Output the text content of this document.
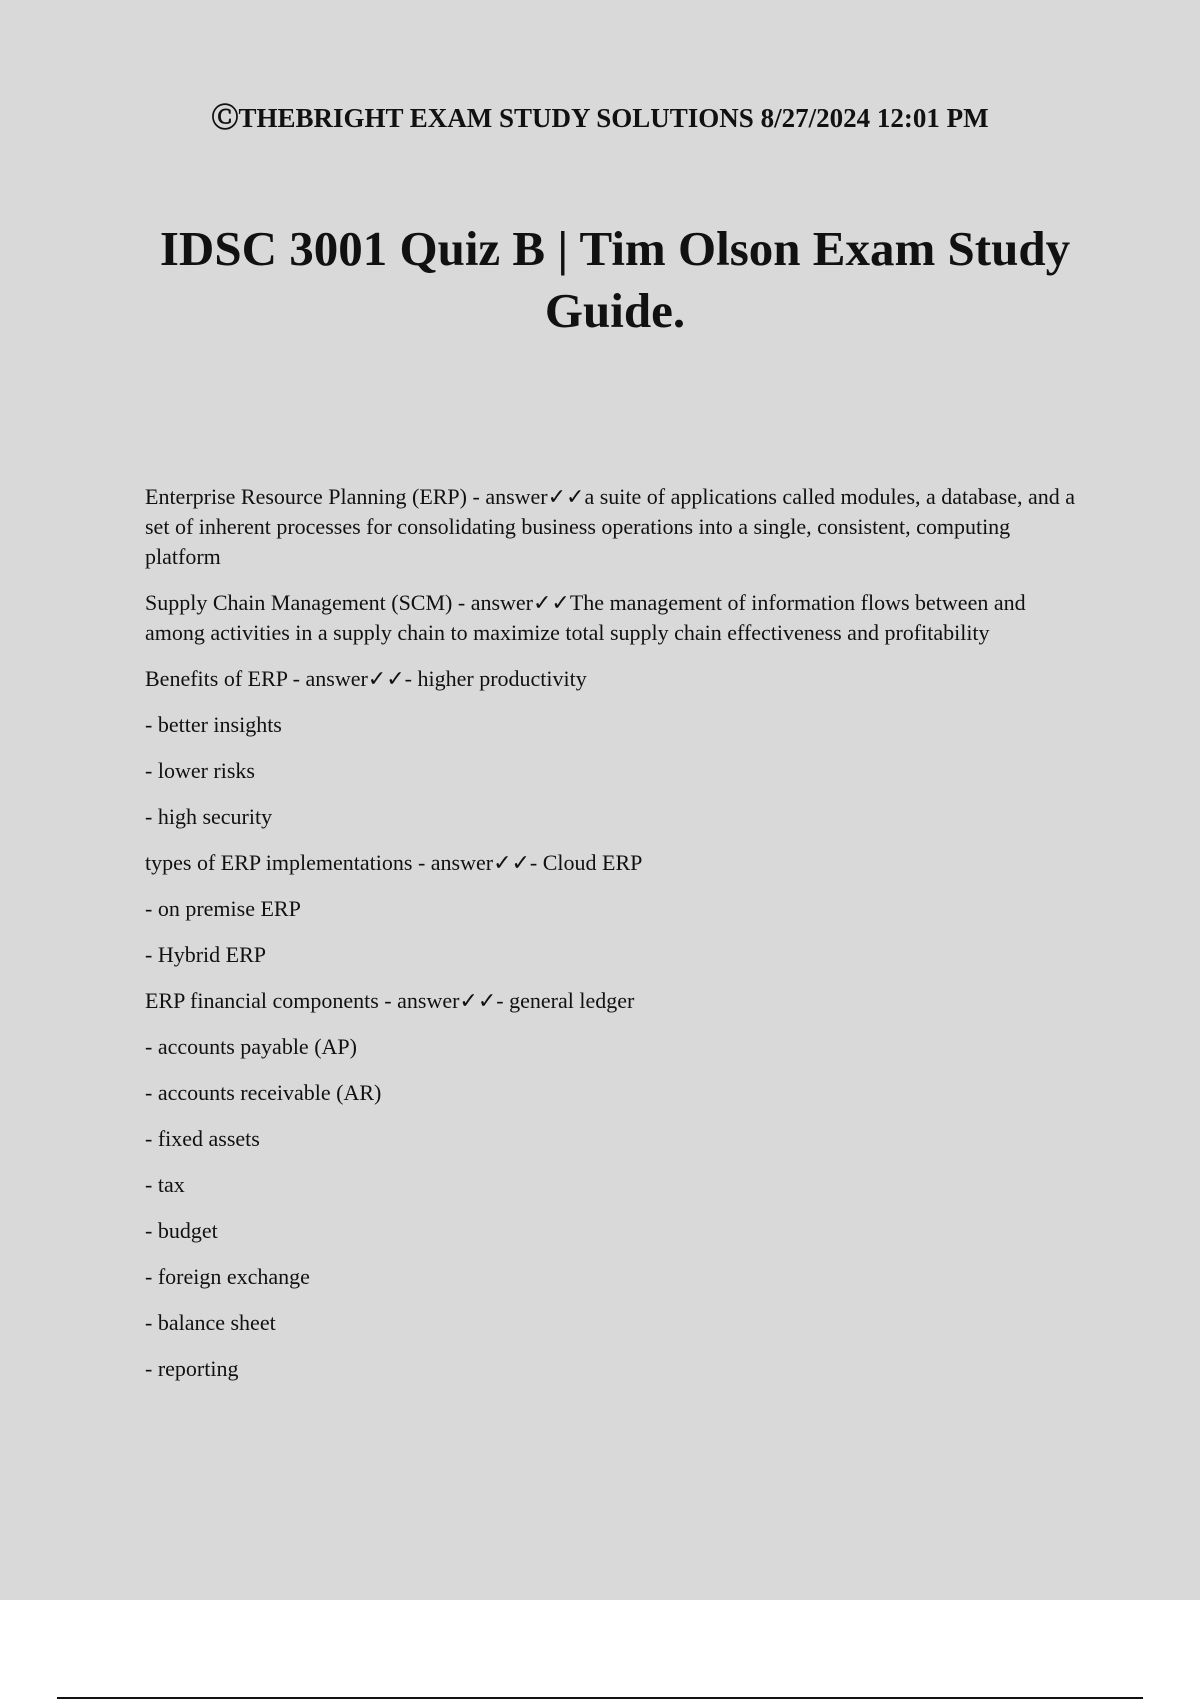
ⒸTHEBRIGHT EXAM STUDY SOLUTIONS 8/27/2024 12:01 PM
IDSC 3001 Quiz B | Tim Olson Exam Study Guide.

Enterprise Resource Planning (ERP) - answer✓✓a suite of applications called modules, a database, and a set of inherent processes for consolidating business operations into a single, consistent, computing platform

Supply Chain Management (SCM) - answer✓✓The management of information flows between and among activities in a supply chain to maximize total supply chain effectiveness and profitability

Benefits of ERP - answer✓✓- higher productivity

- better insights

- lower risks

- high security

types of ERP implementations - answer✓✓- Cloud ERP

- on premise ERP

- Hybrid ERP

ERP financial components - answer✓✓- general ledger

- accounts payable (AP)

- accounts receivable (AR)

- fixed assets

- tax

- budget

- foreign exchange

- balance sheet

- reporting
